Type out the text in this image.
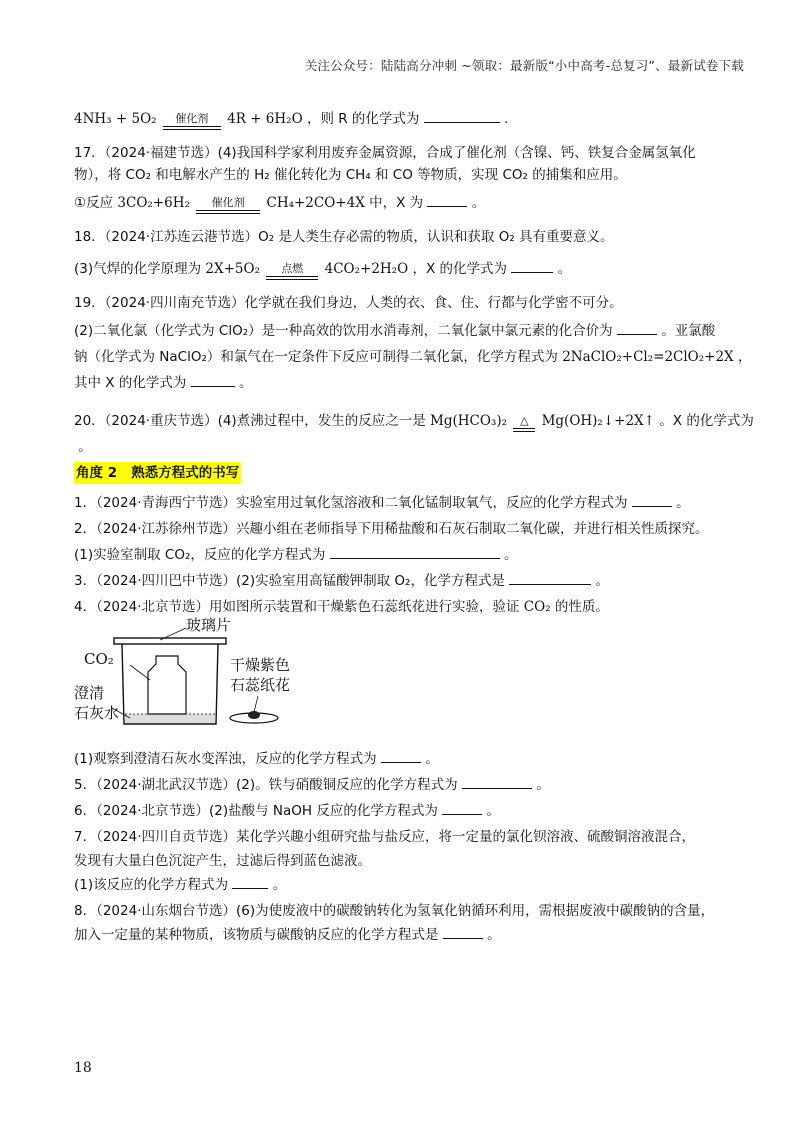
关注公众号：陆陆高分冲刺 ~领取：最新版“小中高考-总复习”、最新试卷下载
4NH₃ + 5O₂	催化剂	4R + 6H₂O ，则 R 的化学式为	.
17．（2024·福建节选）(4)我国科学家利用废弃金属资源，合成了催化剂（含镍、钙、铁复合金属氢氧化
物），将 CO₂ 和电解水产生的 H₂ 催化转化为 CH₄ 和 CO 等物质，实现 CO₂ 的捕集和应用。
①反应 3CO₂+6H₂	催化剂	CH₄+2CO+4X 中，X 为	。
18．（2024·江苏连云港节选）O₂ 是人类生存必需的物质，认识和获取 O₂ 具有重要意义。
(3)气焊的化学原理为 2X+5O₂	点燃	4CO₂+2H₂O ，X 的化学式为	。
19．（2024·四川南充节选）化学就在我们身边，人类的衣、食、住、行都与化学密不可分。
(2)二氧化氯（化学式为 ClO₂）是一种高效的饮用水消毒剂，二氧化氯中氯元素的化合价为	。亚氯酸
钠（化学式为 NaClO₂）和氯气在一定条件下反应可制得二氧化氯，化学方程式为 2NaClO₂+Cl₂=2ClO₂+2X ，
其中 X 的化学式为	。
20．（2024·重庆节选）(4)煮沸过程中，发生的反应之一是 Mg(HCO₃)₂	△ Mg(OH)₂↓+2X↑ 。X 的化学式为
。
角度 2 熟悉方程式的书写
1．（2024·青海西宁节选）实验室用过氧化氢溶液和二氧化锰制取氧气，反应的化学方程式为	。
2．（2024·江苏徐州节选）兴趣小组在老师指导下用稀盐酸和石灰石制取二氧化碳，并进行相关性质探究。
(1)实验室制取 CO₂，反应的化学方程式为	。
3．（2024·四川巴中节选）(2)实验室用高锰酸钾制取 O₂，化学方程式是	。
4．（2024·北京节选）用如图所示装置和干燥紫色石蕊纸花进行实验，验证 CO₂ 的性质。
玻璃片
CO₂
澄清
石灰水
干燥紫色
石蕊纸花
(1)观察到澄清石灰水变浑浊，反应的化学方程式为	。
5．（2024·湖北武汉节选）(2)。铁与硝酸铜反应的化学方程式为	。
6．（2024·北京节选）(2)盐酸与 NaOH 反应的化学方程式为	。
7．（2024·四川自贡节选）某化学兴趣小组研究盐与盐反应，将一定量的氯化钡溶液、硫酸铜溶液混合，
发现有大量白色沉淀产生，过滤后得到蓝色滤液。
(1)该反应的化学方程式为	。
8．（2024·山东烟台节选）(6)为使废液中的碳酸钠转化为氢氧化钠循环利用，需根据废液中碳酸钠的含量，
加入一定量的某种物质，该物质与碳酸钠反应的化学方程式是	。
18
